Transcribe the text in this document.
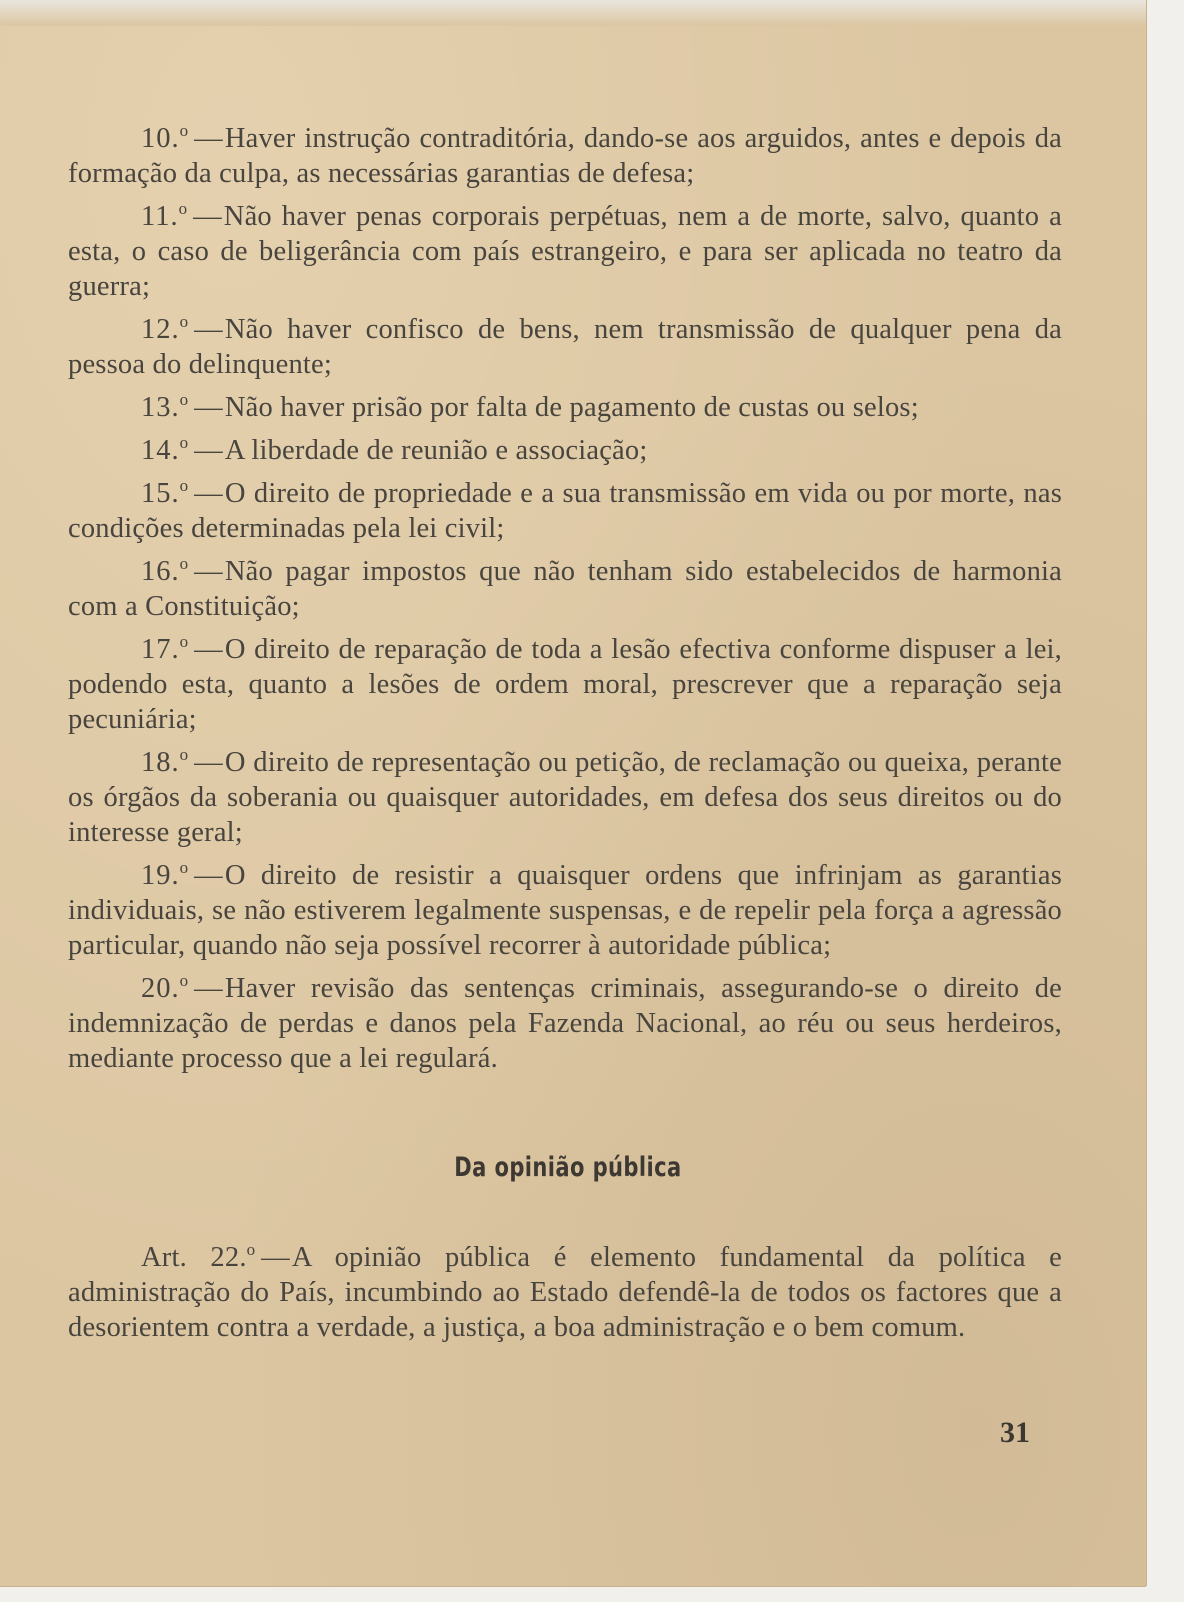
10.$^o$ —Haver instrução contraditória, dando-se aos arguidos, antes e depois da formação da culpa, as necessárias garantias de defesa;

11.$^o$ —Não haver penas corporais perpétuas, nem a de morte, salvo, quanto a esta, o caso de beligerância com país estrangeiro, e para ser aplicada no teatro da guerra;

12.$^o$ —Não haver confisco de bens, nem transmissão de qualquer pena da pessoa do delinquente;

13.$^o$ —Não haver prisão por falta de pagamento de custas ou selos;

14.$^o$ —A liberdade de reunião e associação;

15.$^o$ —O direito de propriedade e a sua transmissão em vida ou por morte, nas condições determinadas pela lei civil;

16.$^o$ —Não pagar impostos que não tenham sido estabelecidos de harmonia com a Constituição;

17.$^o$ —O direito de reparação de toda a lesão efectiva conforme dispuser a lei, podendo esta, quanto a lesões de ordem moral, prescrever que a reparação seja pecuniária;

18.$^o$ —O direito de representação ou petição, de reclamação ou queixa, perante os órgãos da soberania ou quaisquer autoridades, em defesa dos seus direitos ou do interesse geral;

19.$^o$ —O direito de resistir a quaisquer ordens que infrinjam as garantias individuais, se não estiverem legalmente suspensas, e de repelir pela força a agressão particular, quando não seja possível recorrer à autoridade pública;

20.$^o$ —Haver revisão das sentenças criminais, assegurando-se o direito de indemnização de perdas e danos pela Fazenda Nacional, ao réu ou seus herdeiros, mediante processo que a lei regulará.

Da opinião pública

Art. 22.$^o$ —A opinião pública é elemento fundamental da política e administração do País, incumbindo ao Estado defendê-la de todos os factores que a desorientem contra a verdade, a justiça, a boa administração e o bem comum.

31
